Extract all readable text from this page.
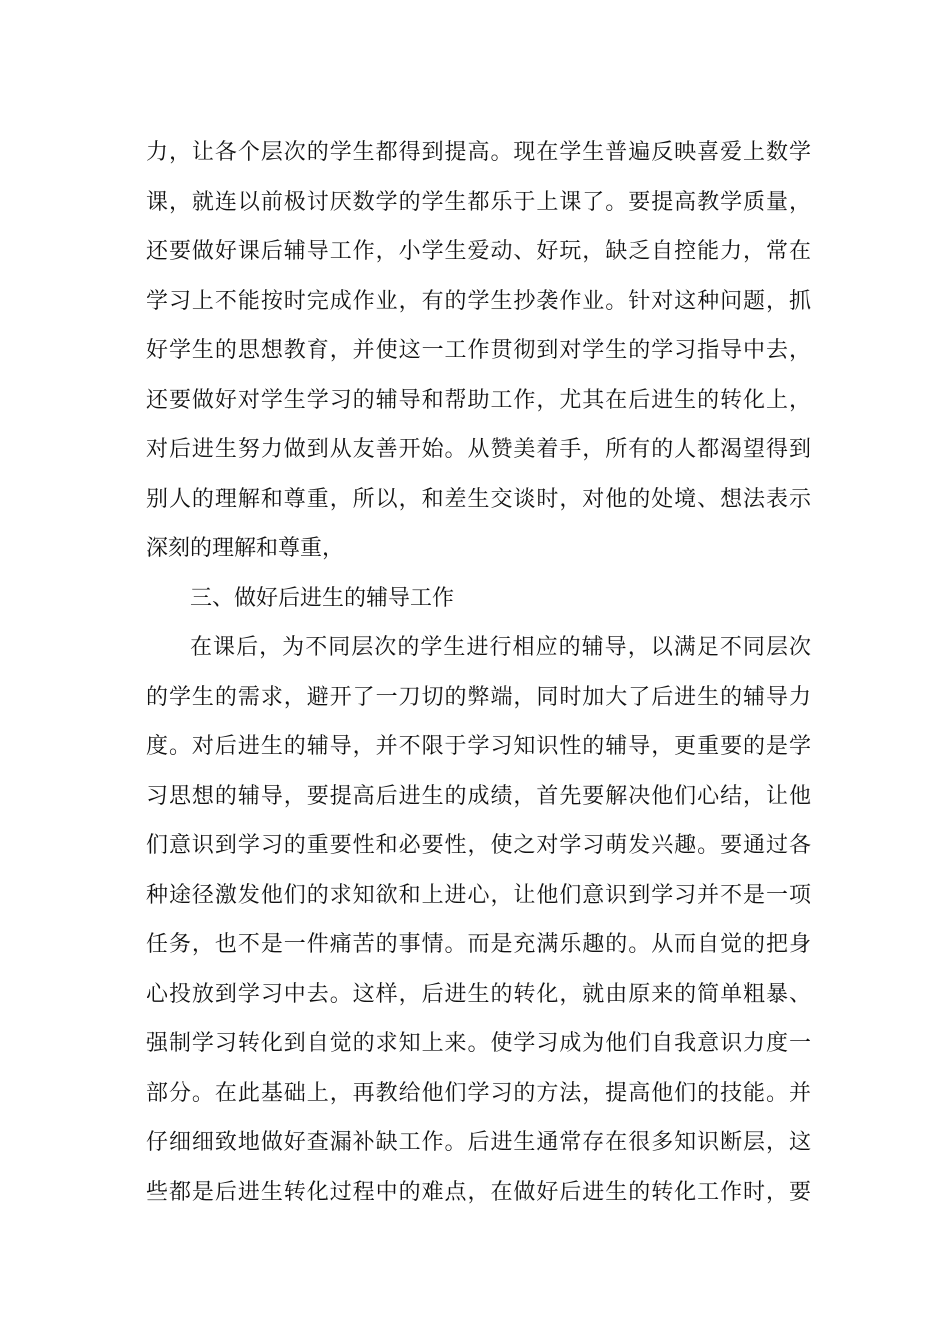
力，让各个层次的学生都得到提高。现在学生普遍反映喜爱上数学
课，就连以前极讨厌数学的学生都乐于上课了。要提高教学质量，
还要做好课后辅导工作，小学生爱动、好玩，缺乏自控能力，常在
学习上不能按时完成作业，有的学生抄袭作业。针对这种问题，抓
好学生的思想教育，并使这一工作贯彻到对学生的学习指导中去，
还要做好对学生学习的辅导和帮助工作，尤其在后进生的转化上，
对后进生努力做到从友善开始。从赞美着手，所有的人都渴望得到
别人的理解和尊重，所以，和差生交谈时，对他的处境、想法表示
深刻的理解和尊重，
三、做好后进生的辅导工作
在课后，为不同层次的学生进行相应的辅导，以满足不同层次
的学生的需求，避开了一刀切的弊端，同时加大了后进生的辅导力
度。对后进生的辅导，并不限于学习知识性的辅导，更重要的是学
习思想的辅导，要提高后进生的成绩，首先要解决他们心结，让他
们意识到学习的重要性和必要性，使之对学习萌发兴趣。要通过各
种途径激发他们的求知欲和上进心，让他们意识到学习并不是一项
任务，也不是一件痛苦的事情。而是充满乐趣的。从而自觉的把身
心投放到学习中去。这样，后进生的转化，就由原来的简单粗暴、
强制学习转化到自觉的求知上来。使学习成为他们自我意识力度一
部分。在此基础上，再教给他们学习的方法，提高他们的技能。并
仔细细致地做好查漏补缺工作。后进生通常存在很多知识断层，这
些都是后进生转化过程中的难点，在做好后进生的转化工作时，要
